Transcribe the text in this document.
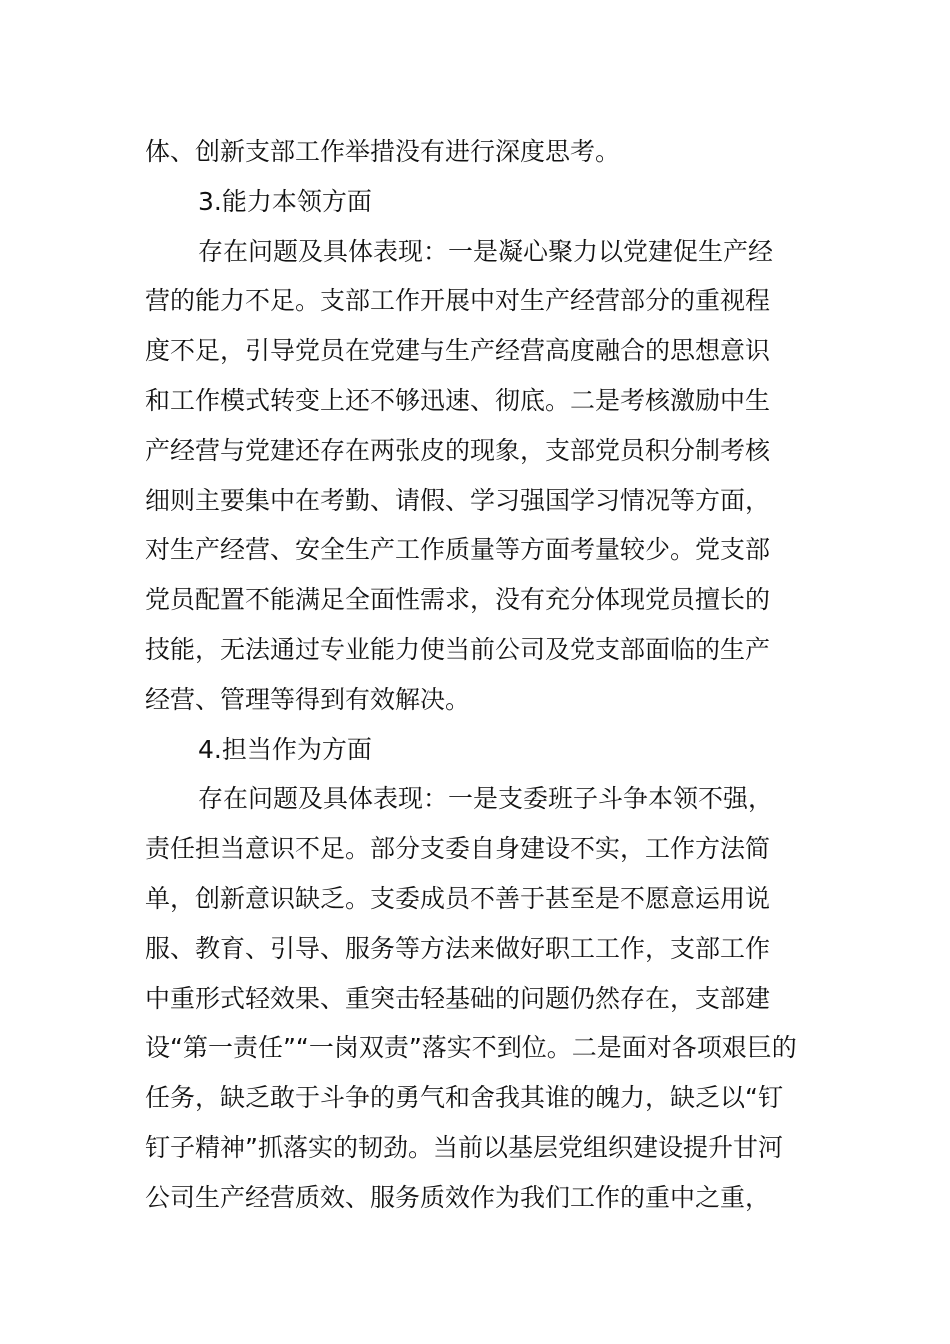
体、创新支部工作举措没有进行深度思考。
3.能力本领方面
存在问题及具体表现：一是凝心聚力以党建促生产经
营的能力不足。支部工作开展中对生产经营部分的重视程
度不足，引导党员在党建与生产经营高度融合的思想意识
和工作模式转变上还不够迅速、彻底。二是考核激励中生
产经营与党建还存在两张皮的现象，支部党员积分制考核
细则主要集中在考勤、请假、学习强国学习情况等方面，
对生产经营、安全生产工作质量等方面考量较少。党支部
党员配置不能满足全面性需求，没有充分体现党员擅长的
技能，无法通过专业能力使当前公司及党支部面临的生产
经营、管理等得到有效解决。
4.担当作为方面
存在问题及具体表现：一是支委班子斗争本领不强，
责任担当意识不足。部分支委自身建设不实，工作方法简
单，创新意识缺乏。支委成员不善于甚至是不愿意运用说
服、教育、引导、服务等方法来做好职工工作，支部工作
中重形式轻效果、重突击轻基础的问题仍然存在，支部建
设“第一责任”“一岗双责”落实不到位。二是面对各项艰巨的
任务，缺乏敢于斗争的勇气和舍我其谁的魄力，缺乏以“钉
钉子精神”抓落实的韧劲。当前以基层党组织建设提升甘河
公司生产经营质效、服务质效作为我们工作的重中之重，
